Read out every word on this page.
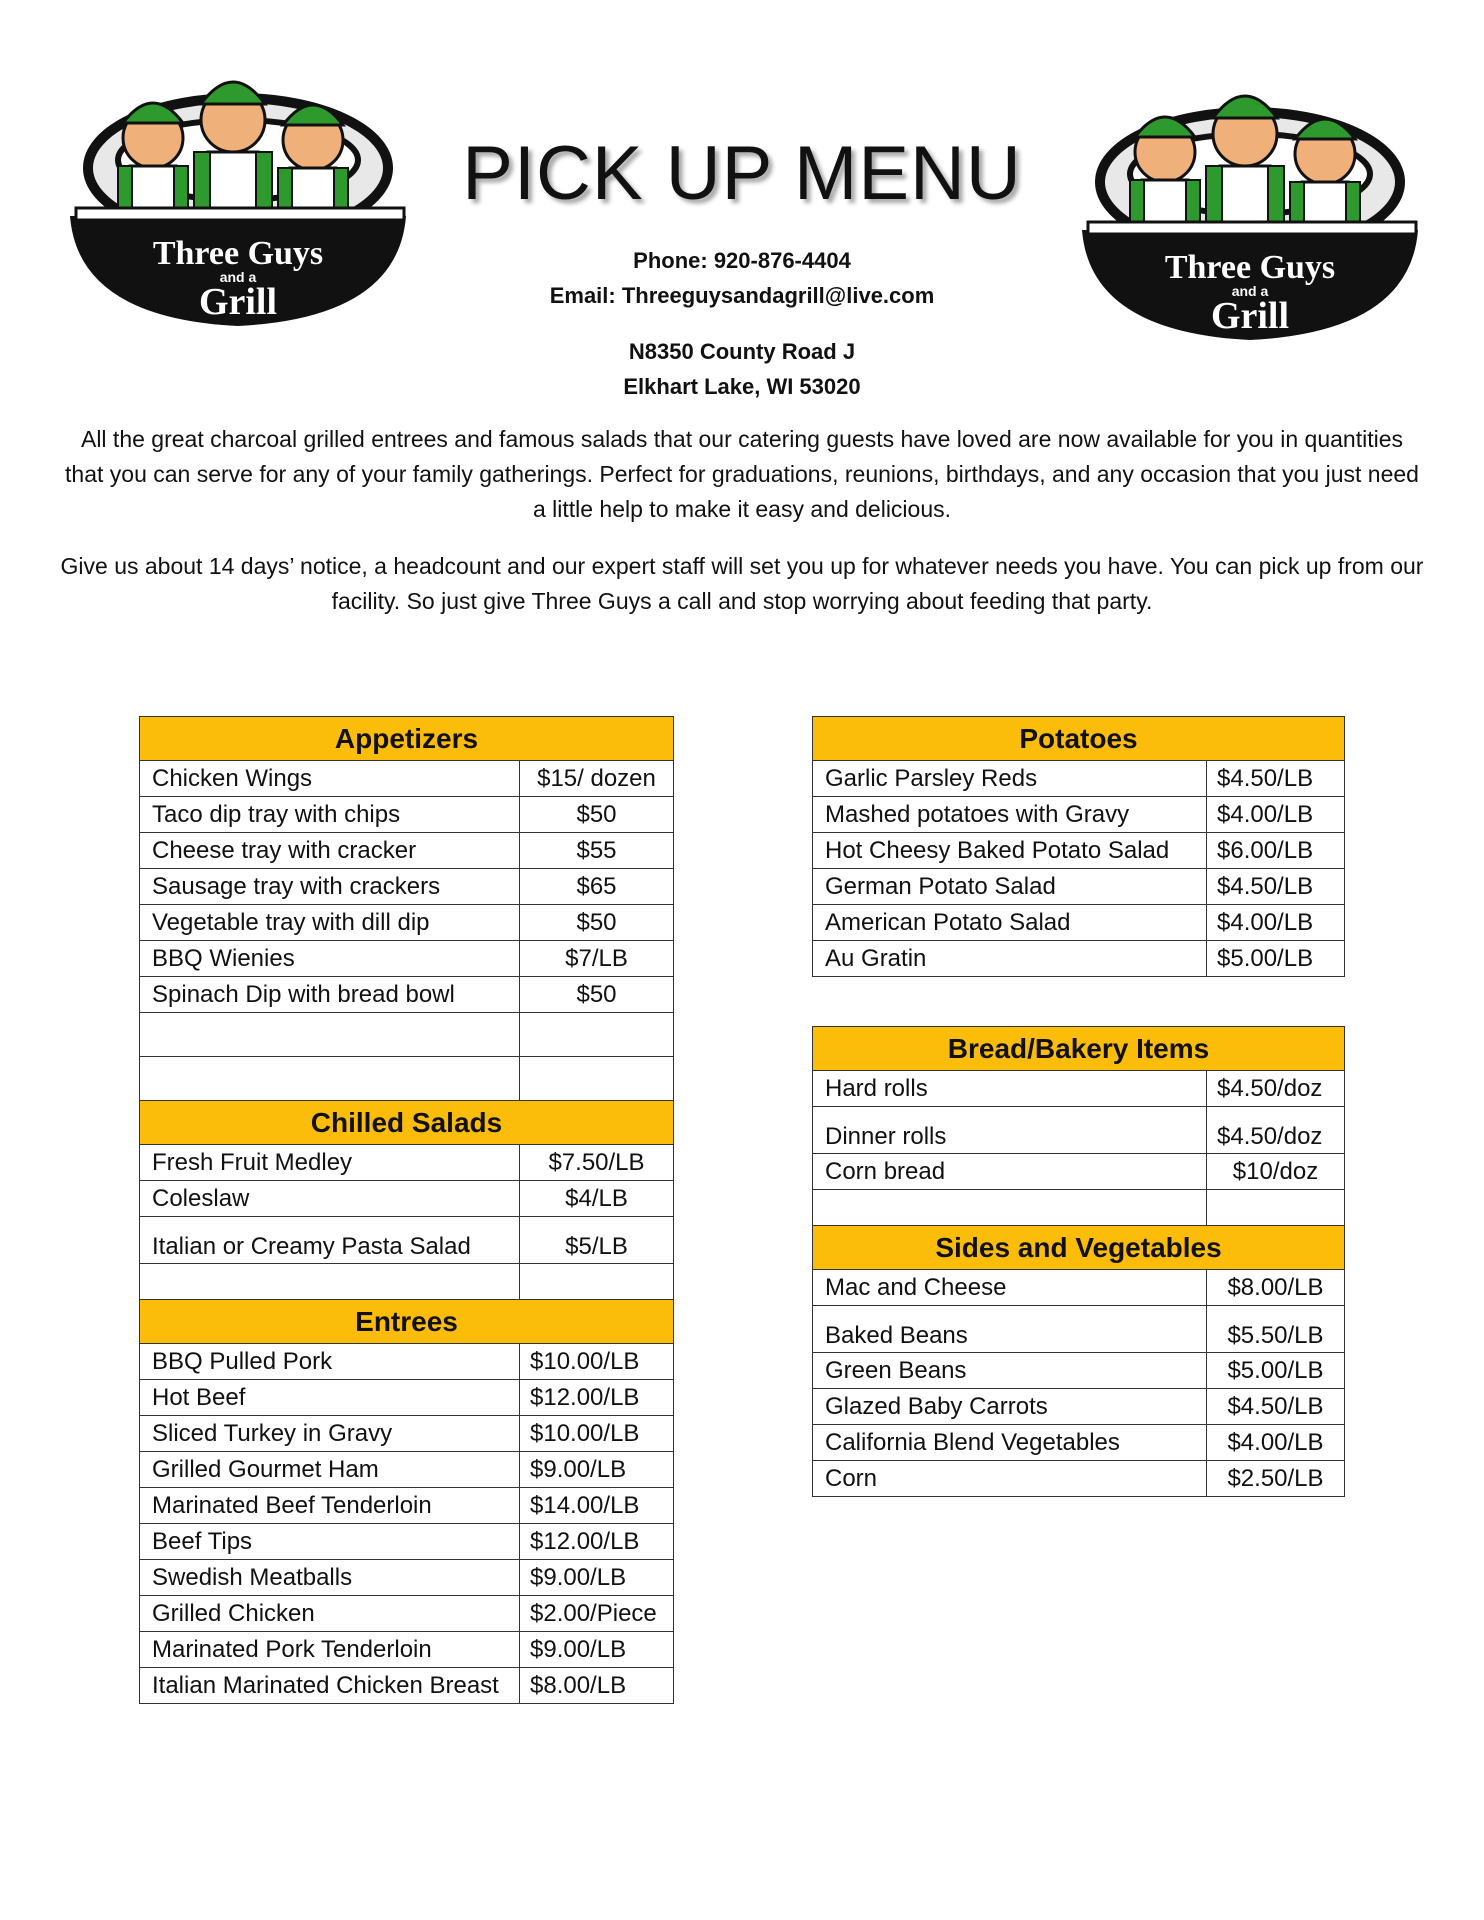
Three Guys
and a
Grill
Three Guys
and a
Grill
PICK UP MENU
Phone: 920-876-4404
Email: Threeguysandagrill@live.com
N8350 County Road J
Elkhart Lake, WI 53020
All the great charcoal grilled entrees and famous salads that our catering guests have loved are now available for you in quantities that you can serve for any of your family gatherings. Perfect for graduations, reunions, birthdays, and any occasion that you just need a little help to make it easy and delicious.
Give us about 14 days’ notice, a headcount and our expert staff will set you up for whatever needs you have. You can pick up from our facility. So just give Three Guys a call and stop worrying about feeding that party.
Appetizers	
Chicken Wings	$15/ dozen
Taco dip tray with chips	$50
Cheese tray with cracker	$55
Sausage tray with crackers	$65
Vegetable tray with dill dip	$50
BBQ Wienies	$7/LB
Spinach Dip with bread bowl	$50

Chilled Salads	
Fresh Fruit Medley	$7.50/LB
Coleslaw	$4/LB
Italian or Creamy Pasta Salad	$5/LB

Entrees	
BBQ Pulled Pork	$10.00/LB
Hot Beef	$12.00/LB
Sliced Turkey in Gravy	$10.00/LB
Grilled Gourmet Ham	$9.00/LB
Marinated Beef Tenderloin	$14.00/LB
Beef Tips	$12.00/LB
Swedish Meatballs	$9.00/LB
Grilled Chicken	$2.00/Piece
Marinated Pork Tenderloin	$9.00/LB
Italian Marinated Chicken Breast	$8.00/LB
Potatoes	
Garlic Parsley Reds	$4.50/LB
Mashed potatoes with Gravy	$4.00/LB
Hot Cheesy Baked Potato Salad	$6.00/LB
German Potato Salad	$4.50/LB
American Potato Salad	$4.00/LB
Au Gratin	$5.00/LB
Bread/Bakery Items	
Hard rolls	$4.50/doz
Dinner rolls	$4.50/doz
Corn bread	$10/doz

Sides and Vegetables	
Mac and Cheese	$8.00/LB
Baked Beans	$5.50/LB
Green Beans	$5.00/LB
Glazed Baby Carrots	$4.50/LB
California Blend Vegetables	$4.00/LB
Corn	$2.50/LB
